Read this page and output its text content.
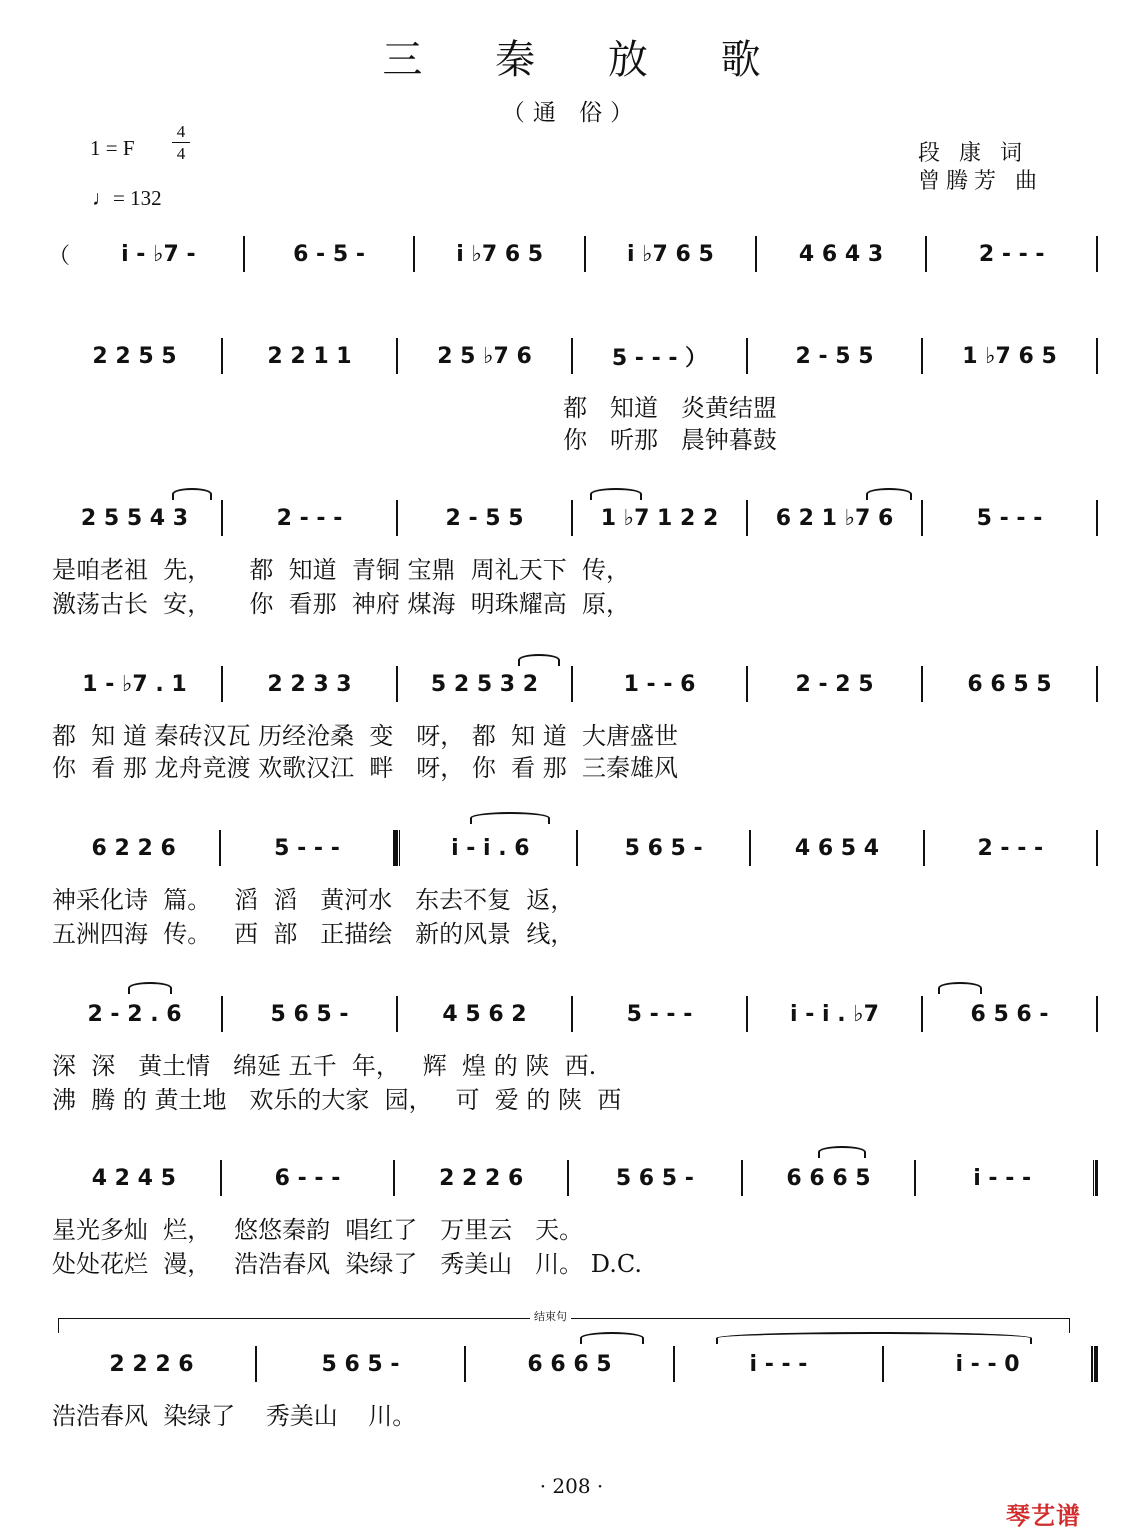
三 秦 放 歌
（通 俗）
1 = F
4
4
♩= 132
段 康 词
曾腾芳 曲
（	i - ♭7 -	6 - 5 -	i ♭7 6 5	i ♭7 6 5	4 6 4 3	2 - - -
2 2 5 5	2 2 1 1	2 5 ♭7 6	5 - - - ）	2 - 5 5	1 ♭7 6 5
都   知道   炎黄结盟
你   听那   晨钟暮鼓
2 5 5 4 3	2 - - -	2 - 5 5	1 ♭7 1 2 2	6 2 1 ♭7 6	5 - - -
是咱老祖  先，     都  知道  青铜 宝鼎  周礼天下  传，
激荡古长  安，     你  看那  神府 煤海  明珠耀高  原，
1 - ♭7 . 1	2 2 3 3	5 2 5 3 2	1 - - 6	2 - 2 5	6 6 5 5
都  知 道 秦砖汉瓦 历经沧桑  变   呀， 都  知 道  大唐盛世
你  看 那 龙舟竞渡 欢歌汉江  畔   呀， 你  看 那  三秦雄风
6 2 2 6	5 - - -	i - i . 6	5 6 5 -	4 6 5 4	2 - - -
神采化诗  篇。   滔  滔   黄河水   东去不复  返，
五洲四海  传。   西  部   正描绘   新的风景  线，
2 - 2 . 6	5 6 5 -	4 5 6 2	5 - - -	i - i . ♭7	6 5 6 -
深  深   黄土情   绵延 五千  年，   辉  煌 的 陕  西.
沸  腾 的 黄土地   欢乐的大家  园，   可  爱 的 陕  西
4 2 4 5	6 - - -	2 2 2 6	5 6 5 -	6 6 6 5	i - - -
星光多灿  烂，   悠悠秦韵  唱红了   万里云   天。
处处花烂  漫，   浩浩春风  染绿了   秀美山   川。 D.C.
2 2 2 6	5 6 5 -	6 6 6 5	i - - -	i - - 0
浩浩春风  染绿了    秀美山    川。
结束句
· 208 ·
琴艺谱
